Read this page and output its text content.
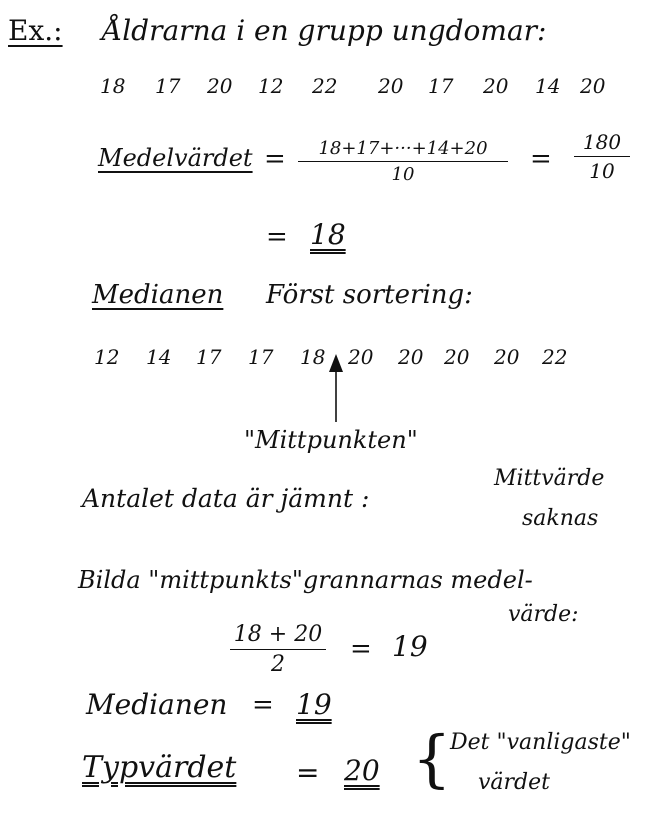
Ex.: Åldrarna i en grupp ungdomar:
18 17 20 12 22 20 17 20 14 20
Medelvärdet =	18+17+···+14+20
10
=
180
10
= 18
Medianen Först sortering:
12 14 17 17 18 20 20 20 20 22
"Mittpunkten"
Antalet data är jämnt :
Mittvärde
saknas
Bilda "mittpunkts"grannarnas medel-
värde:
18 + 20
2
= 19
Medianen = 19
Typvärdet = 20 {
Det "vanligaste"
värdet
